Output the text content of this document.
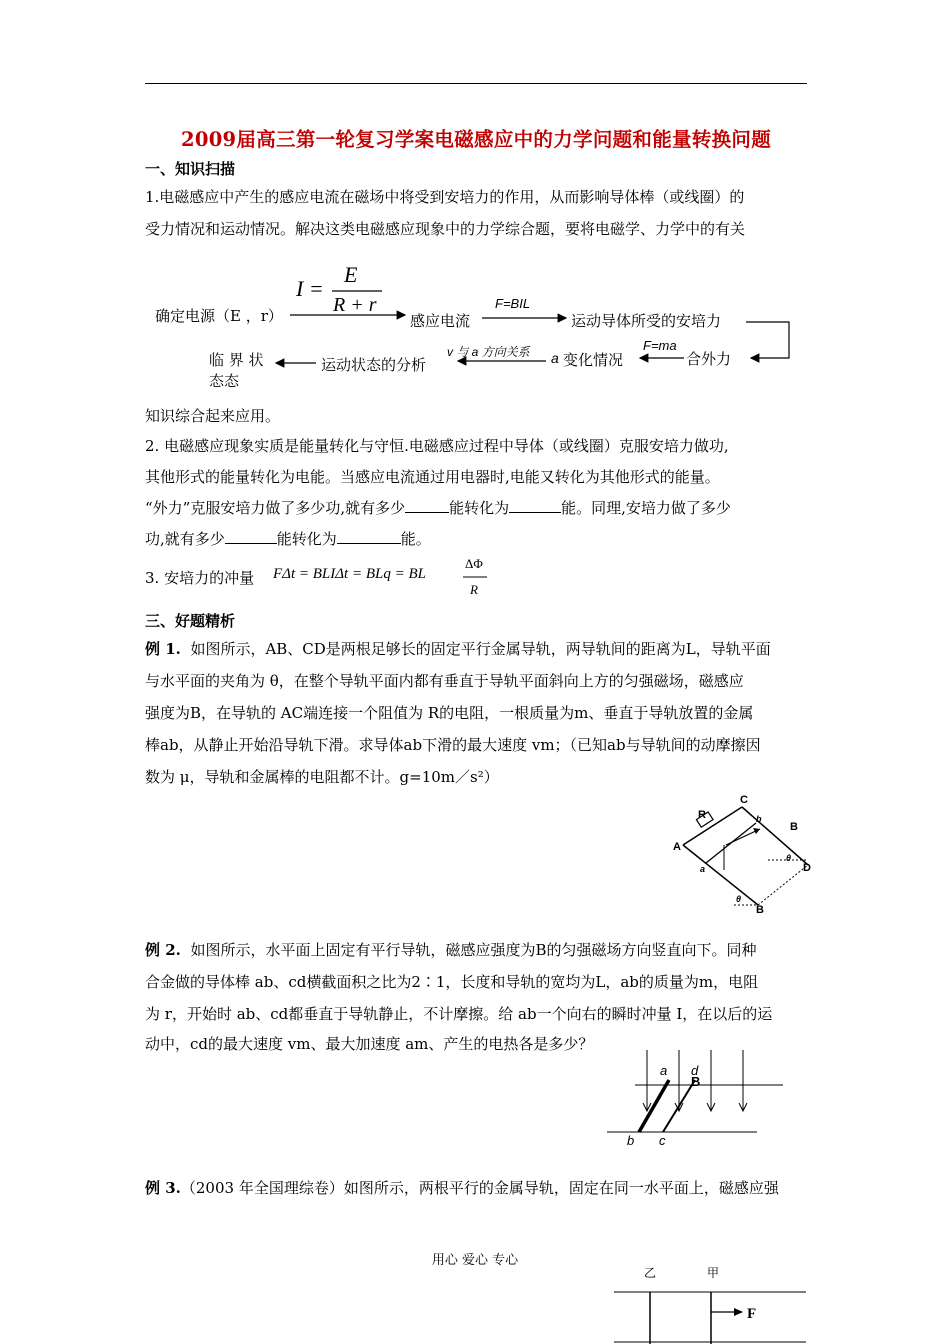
2009届高三第一轮复习学案电磁感应中的力学问题和能量转换问题
一、知识扫描
1.电磁感应中产生的感应电流在磁场中将受到安培力的作用，从而影响导体棒（或线圈）的
受力情况和运动情况。解决这类电磁感应现象中的力学综合题，要将电磁学、力学中的有关
I =
E
R + r
确定电源（E ，r）	感应电流
F=BIL
运动导体所受的安培力
合外力
F=ma
a 变化情况
v 与 a 方向关系
运动状态的分析
临 界 状
态态
知识综合起来应用。
2. 电磁感应现象实质是能量转化与守恒.电磁感应过程中导体（或线圈）克服安培力做功,
其他形式的能量转化为电能。当感应电流通过用电器时,电能又转化为其他形式的能量。
“外力”克服安培力做了多少功,就有多少	能转化为	能。同理,安培力做了多少
功,就有多少	能转化为	能。
3. 安培力的冲量 FΔt = BLIΔt = BLq = BL
ΔΦ
R
三、好题精析
例 1. 如图所示，AB、CD是两根足够长的固定平行金属导轨，两导轨间的距离为L，导轨平面
与水平面的夹角为 θ，在整个导轨平面内都有垂直于导轨平面斜向上方的匀强磁场，磁感应
强度为B，在导轨的 AC端连接一个阻值为 R的电阻，一根质量为m、垂直于导轨放置的金属
棒ab，从静止开始沿导轨下滑。求导体ab下滑的最大速度 vm；（已知ab与导轨间的动摩擦因
数为 μ，导轨和金属棒的电阻都不计。g=10m／s²）
R
C
b
B
A
a
θ
D
θ
B
例 2. 如图所示，水平面上固定有平行导轨，磁感应强度为B的匀强磁场方向竖直向下。同种
合金做的导体棒 ab、cd横截面积之比为2∶1，长度和导轨的宽均为L，ab的质量为m，电阻
为 r，开始时 ab、cd都垂直于导轨静止，不计摩擦。给 ab一个向右的瞬时冲量 I，在以后的运
动中，cd的最大速度 vm、最大加速度 am、产生的电热各是多少？
a d
B
b c
例 3.（2003 年全国理综卷）如图所示，两根平行的金属导轨，固定在同一水平面上，磁感应强
用心 爱心 专心
乙	甲
F
